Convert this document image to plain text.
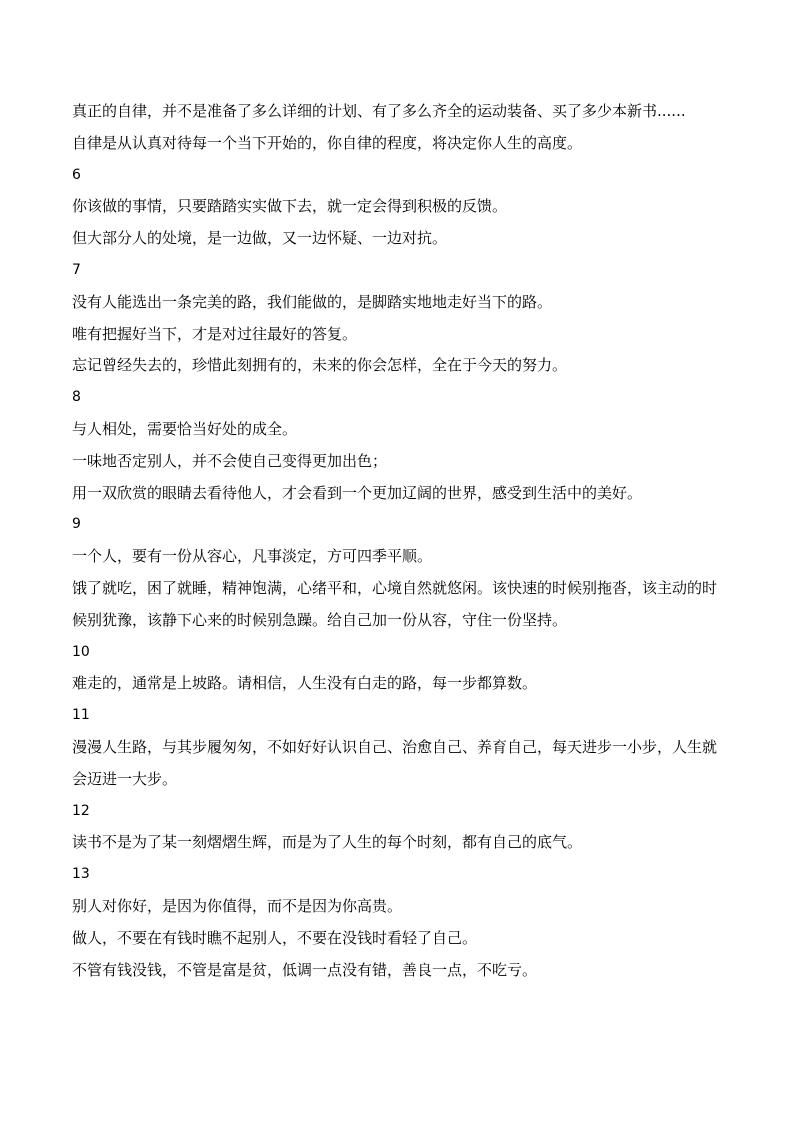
真正的自律，并不是准备了多么详细的计划、有了多么齐全的运动装备、买了多少本新书......

自律是从认真对待每一个当下开始的，你自律的程度，将决定你人生的高度。

6

你该做的事情，只要踏踏实实做下去，就一定会得到积极的反馈。

但大部分人的处境，是一边做，又一边怀疑、一边对抗。

7

没有人能选出一条完美的路，我们能做的，是脚踏实地地走好当下的路。

唯有把握好当下，才是对过往最好的答复。

忘记曾经失去的，珍惜此刻拥有的，未来的你会怎样，全在于今天的努力。

8

与人相处，需要恰当好处的成全。

一味地否定别人，并不会使自己变得更加出色；

用一双欣赏的眼睛去看待他人，才会看到一个更加辽阔的世界，感受到生活中的美好。

9

一个人，要有一份从容心，凡事淡定，方可四季平顺。

饿了就吃，困了就睡，精神饱满，心绪平和，心境自然就悠闲。该快速的时候别拖沓，该主动的时候别犹豫，该静下心来的时候别急躁。给自己加一份从容，守住一份坚持。

10

难走的，通常是上坡路。请相信，人生没有白走的路，每一步都算数。

11

漫漫人生路，与其步履匆匆，不如好好认识自己、治愈自己、养育自己，每天进步一小步，人生就会迈进一大步。

12

读书不是为了某一刻熠熠生辉，而是为了人生的每个时刻，都有自己的底气。

13

别人对你好，是因为你值得，而不是因为你高贵。

做人，不要在有钱时瞧不起别人，不要在没钱时看轻了自己。

不管有钱没钱，不管是富是贫，低调一点没有错，善良一点，不吃亏。
